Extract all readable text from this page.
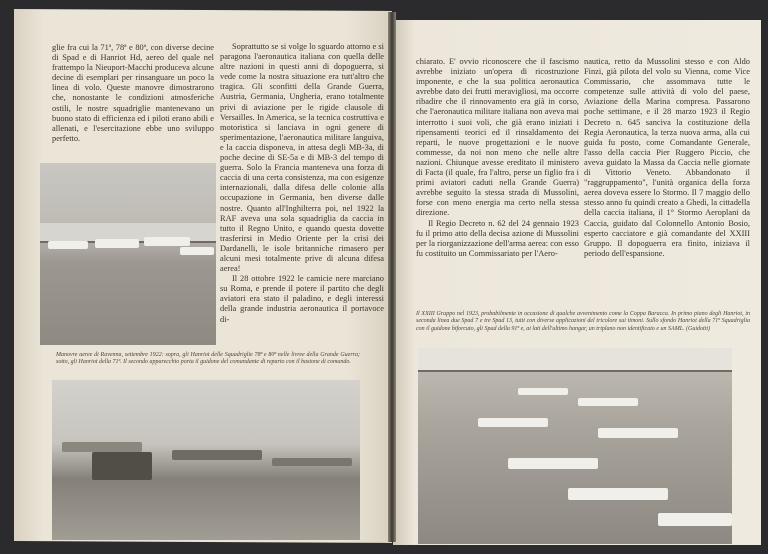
glie fra cui la 71ª, 78ª e 80ª, con diverse decine di Spad e di Hanriot Hd, aereo del quale nel frattempo la Nieuport-Macchi produceva alcune decine di esemplari per rinsanguare un poco la linea di volo. Queste manovre dimostrarono che, nonostante le condizioni atmosferiche ostili, le nostre squadriglie mantenevano un buono stato di efficienza ed i piloti erano abili e allenati, e l'esercitazione ebbe uno sviluppo perfetto.

Soprattutto se si volge lo sguardo attorno e si paragona l'aeronautica italiana con quella delle altre nazioni in questi anni di dopoguerra, si vede come la nostra situazione era tutt'altro che tragica. Gli sconfitti della Grande Guerra, Austria, Germania, Ungheria, erano totalmente privi di aviazione per le rigide clausole di Versailles. In America, se la tecnica costruttiva e motoristica si lanciava in ogni genere di sperimentazione, l'aeronautica militare languiva, e la caccia disponeva, in attesa degli MB-3a, di poche decine di SE-5a e di MB-3 del tempo di guerra. Solo la Francia manteneva una forza di caccia di una certa consistenza, ma con esigenze internazionali, dalla difesa delle colonie alla occupazione in Germania, ben diverse dalle nostre. Quanto all'Inghilterra poi, nel 1922 la RAF aveva una sola squadriglia da caccia in tutto il Regno Unito, e quando questa dovette trasferirsi in Medio Oriente per la crisi dei Dardanelli, le isole britanniche rimasero per alcuni mesi totalmente prive di alcuna difesa aerea!

Il 28 ottobre 1922 le camicie nere marciano su Roma, e prende il potere il partito che degli aviatori era stato il paladino, e degli interessi della grande industria aeronautica il portavoce di-

Manovre aeree di Ravenna, settembre 1922: sopra, gli Hanriot delle Squadriglie 78ª e 80ª nelle livree della Grande Guerra; sotto, gli Hanriot della 71ª. Il secondo apparecchio porta il guidone del comandante di reparto con il bastone di comando.

chiarato. E' ovvio riconoscere che il fascismo avrebbe iniziato un'opera di ricostruzione imponente, e che la sua politica aeronautica avrebbe dato dei frutti meravigliosi, ma occorre ribadire che il rinnovamento era già in corso, che l'aeronautica militare italiana non aveva mai interrotto i suoi voli, che già erano iniziati i ripensamenti teorici ed il rinsaldamento dei reparti, le nuove progettazioni e le nuove commesse, da noi non meno che nelle altre nazioni. Chiunque avesse ereditato il ministero di Facta (il quale, fra l'altro, perse un figlio fra i primi aviatori caduti nella Grande Guerra) avrebbe seguito la stessa strada di Mussolini, forse con meno energia ma certo nella stessa direzione.

Il Regio Decreto n. 62 del 24 gennaio 1923 fu il primo atto della decisa azione di Mussolini per la riorganizzazione dell'arma aerea: con esso fu costituito un Commissariato per l'Aero-

nautica, retto da Mussolini stesso e con Aldo Finzi, già pilota del volo su Vienna, come Vice Commissario, che assommava tutte le competenze sulle attività di volo del paese, Aviazione della Marina compresa. Passarono poche settimane, e il 28 marzo 1923 il Regio Decreto n. 645 sanciva la costituzione della Regia Aeronautica, la terza nuova arma, alla cui guida fu posto, come Comandante Generale, l'asso della caccia Pier Ruggero Piccio, che aveva guidato la Massa da Caccia nelle giornate di Vittorio Veneto. Abbandonato il "raggruppamento", l'unità organica della forza aerea doveva essere lo Stormo. Il 7 maggio dello stesso anno fu quindi creato a Ghedi, la cittadella della caccia italiana, il 1° Stormo Aeroplani da Caccia, guidato dal Colonnello Antonio Bosio, esperto cacciatore e già comandante del XXIII Gruppo. Il dopoguerra era finito, iniziava il periodo dell'espansione.

Il XXIII Gruppo nel 1923, probabilmente in occasione di qualche avvenimento come la Coppa Baracca. In primo piano degli Hanriot, in seconda linea due Spad 7 e tre Spad 13, tutti con diverse applicazioni del tricolore sui timoni. Sullo sfondo Hanriot della 71ª Squadriglia con il guidone biforcuto, gli Spad della 91ª e, ai lati dell'ultimo hangar, un triplano non identificato e un SAML. (Guidotti)
